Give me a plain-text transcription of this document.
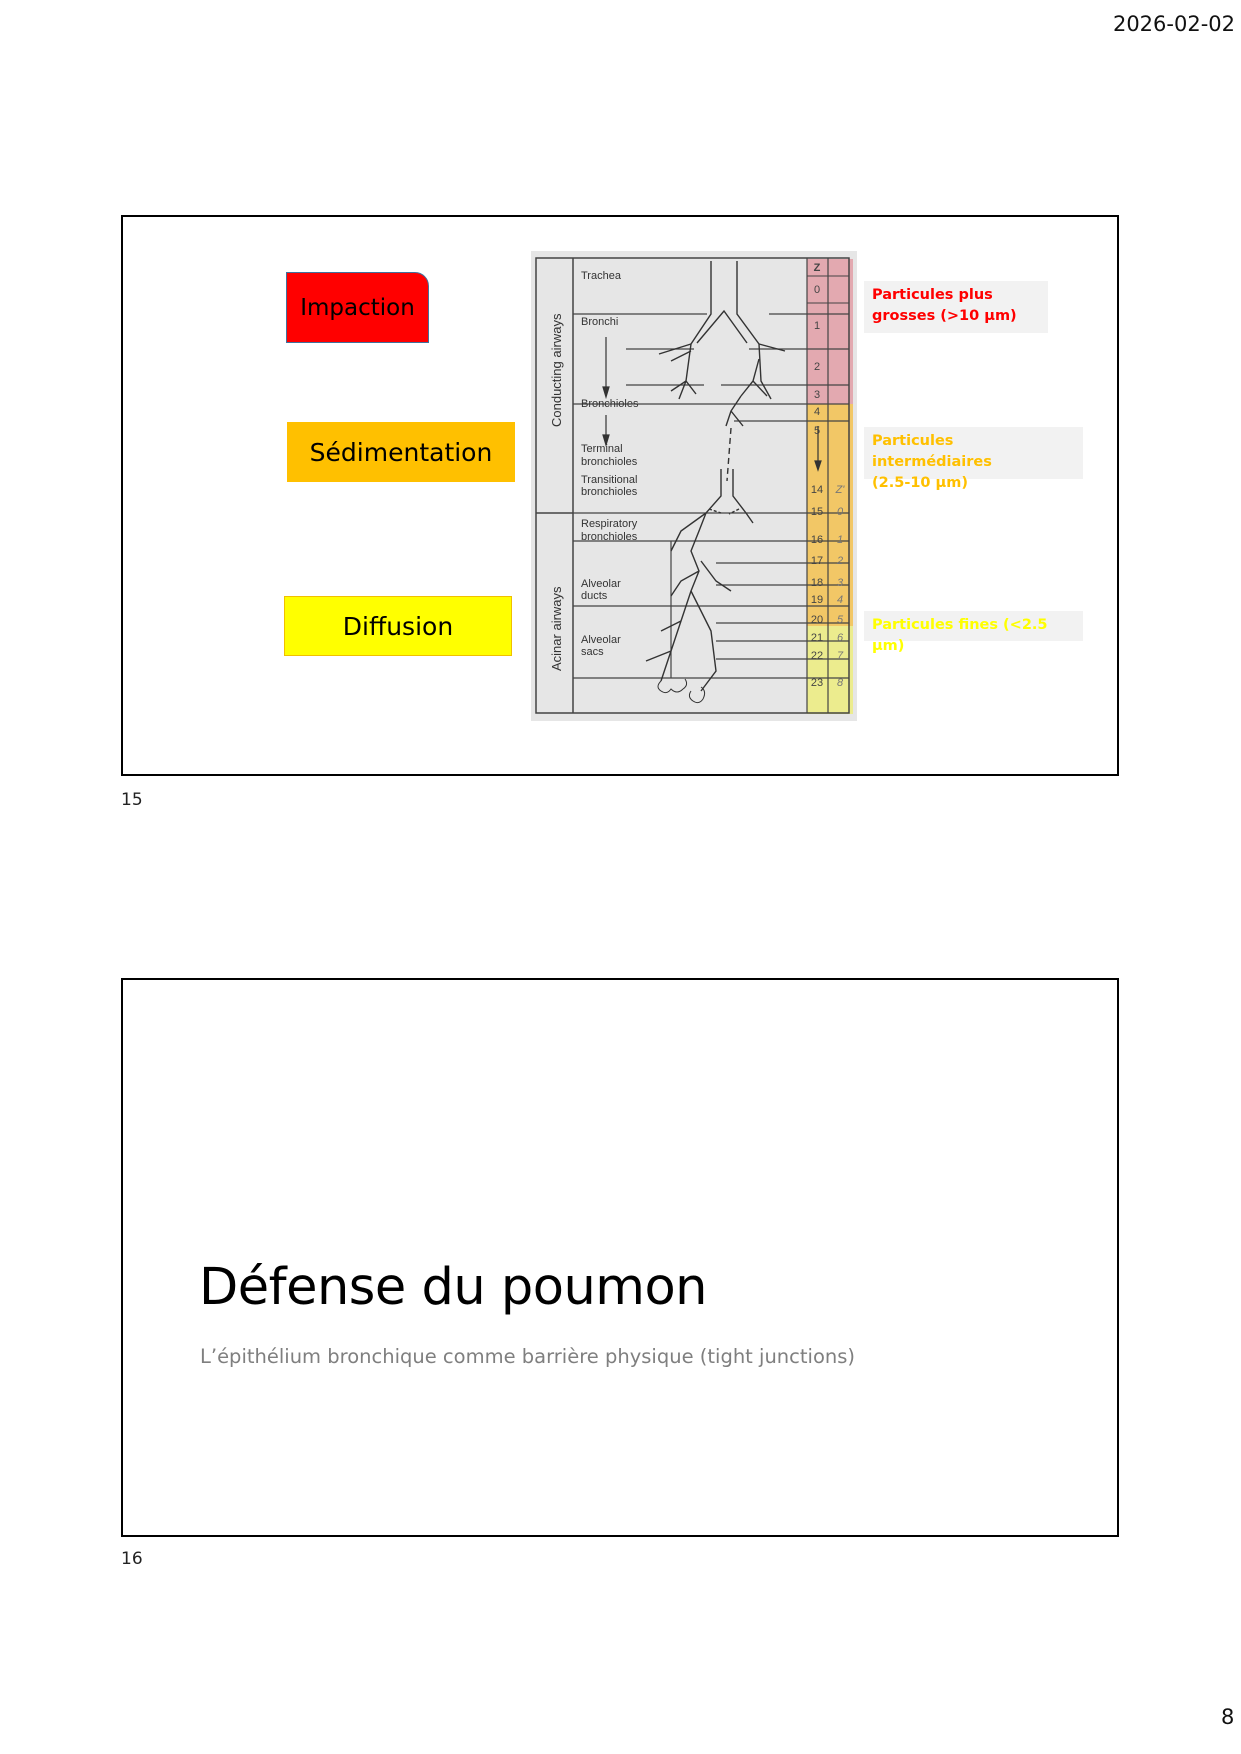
2026-02-02
Impaction
Sédimentation
Diffusion
Conducting airways
Acinar airways
Trachea
Bronchi
Bronchioles
Terminal
bronchioles
Transitional
bronchioles
Respiratory
bronchioles
Alveolar
ducts
Alveolar
sacs
Z
0
1
2
3
4
5
14
15
16
17
18
19
20
21
22
23
Z'
0
1
2
3
4
5
6
7
8
Particules plus
grosses (>10 µm)
Particules intermédiaires
(2.5-10 µm)
Particules fines (<2.5 µm)
15
Défense du poumon
L’épithélium bronchique comme barrière physique (tight junctions)
16
8
